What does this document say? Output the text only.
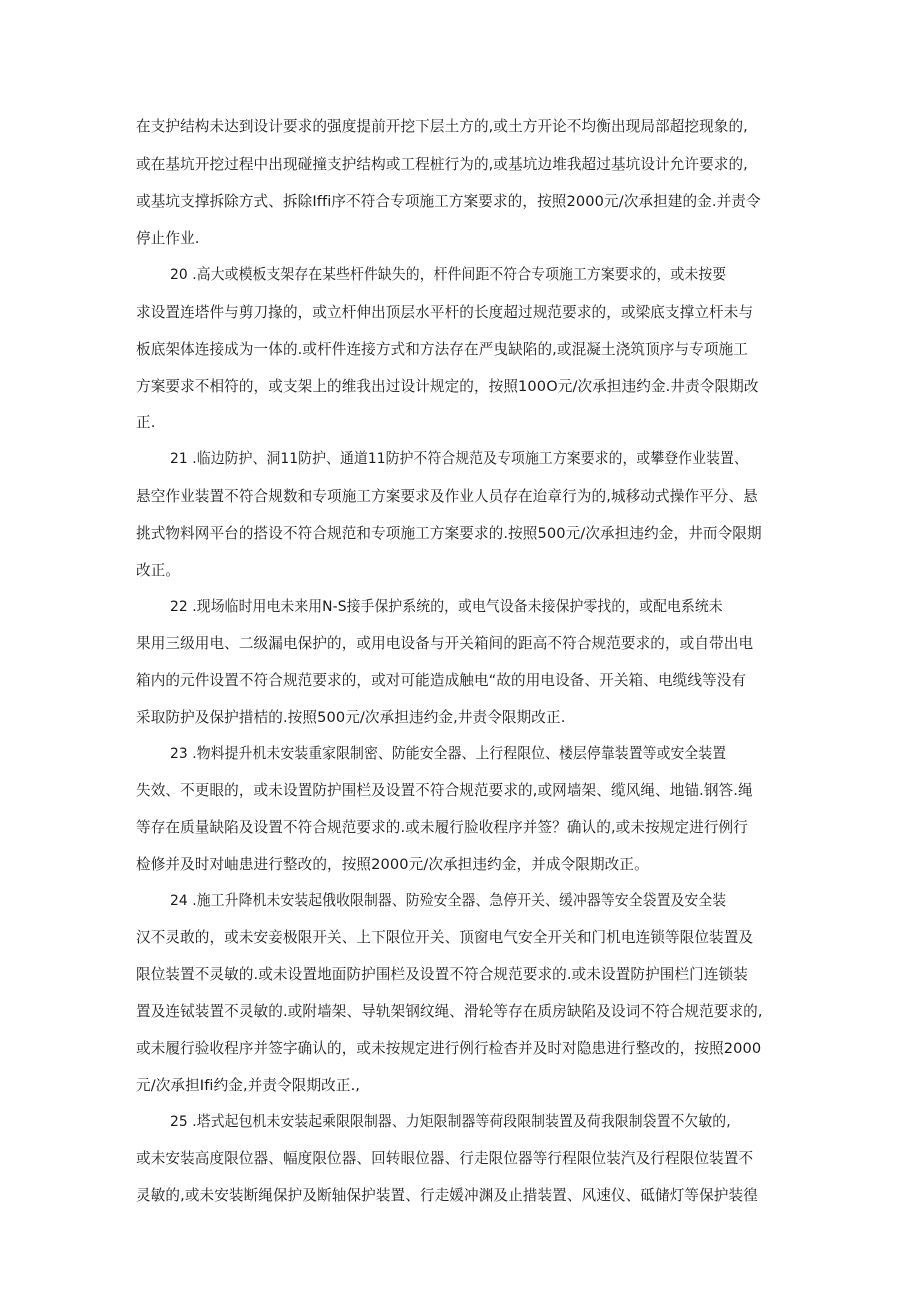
在支护结构未达到设计要求的强度提前开挖下层土方的,或土方开论不均衡出现局部超挖现象的,
或在基坑开挖过程中出现碰撞支护结构或工程桩行为的,或基坑边堆我超过基坑设计允许要求的,
或基坑支撑拆除方式、拆除Iffi序不符合专项施工方案要求的，按照2000元/次承担建的金.并责令
停止作业.
20 .高大或模板支架存在某些杆件缺失的，杆件间距不符合专项施工方案要求的，或未按要
求设置连塔件与剪刀掾的，或立杆伸出顶层水平杆的长度超过规范要求的，或梁底支撑立杆未与
板底架体连接成为一体的.或杆件连接方式和方法存在严曳缺陷的,或混凝土浇筑顶序与专项施工
方案要求不相符的，或支架上的维我出过设计规定的，按照100O元/次承担违约金.井责令限期改
正.
21 .临边防护、洞11防护、通道11防护不符合规范及专项施工方案要求的，或攀登作业装置、
悬空作业装置不符合规数和专项施工方案要求及作业人员存在迨章行为的,城移动式操作平分、悬
挑式物料网平台的搭设不符合规范和专项施工方案要求的.按照500元/次承担违约金，井而令限期
改正。
22 .现场临时用电未来用N-S接手保护系统的，或电气设备未接保护零找的，或配电系统未
果用三级用电、二级漏电保护的，或用电设备与开关箱间的距高不符合规范要求的，或自带出电
箱内的元件设置不符合规范要求的，或对可能造成触电“故的用电设备、开关箱、电缆线等没有
采取防护及保护措桔的.按照500元/次承担违约金,井责令限期改正.
23 .物料提升机未安装重家限制密、防能安全器、上行程限位、楼层停靠装置等或安全装置
失效、不更眼的，或未设置防护围栏及设置不符合规范要求的,或网墙架、缆风绳、地锚.钢答.绳
等存在质量缺陷及设置不符合规范要求的.或未履行脸收程序并签？确认的,或未按规定进行例行
检修并及时对岫患进行整改的，按照2000元/次承担违约金，并成令限期改正。
24 .施工升降机未安装起俄收限制器、防殓安全器、急停开关、缓冲器等安全袋置及安全装
汉不灵敢的，或未安妾极限开关、上下限位开关、顶窗电气安全开关和门机电连锁等限位装置及
限位装置不灵敏的.或未设置地面防护围栏及设置不符合规范要求的.或未设置防护围栏门连锁装
置及连铽装置不灵敏的.或附墙架、导轨架钢纹绳、滑轮等存在质房缺陷及设词不符合规范要求的,
或未履行验收程序并签字确认的，或未按规定进行例行检杳并及时对隐患进行整改的，按照2000
元/次承担Ifi约金,并责令限期改正.,
25 .塔式起包机未安装起乘限限制器、力矩限制器等荷段限制装置及荷我限制袋置不欠敏的,
或未安装高度限位器、幅度限位器、回转眼位器、行走限位器等行程限位装汽及行程限位装置不
灵敏的,或未安装断绳保护及断轴保护装置、行走媛冲渊及止措装置、风速仪、砥储灯等保护装徨
